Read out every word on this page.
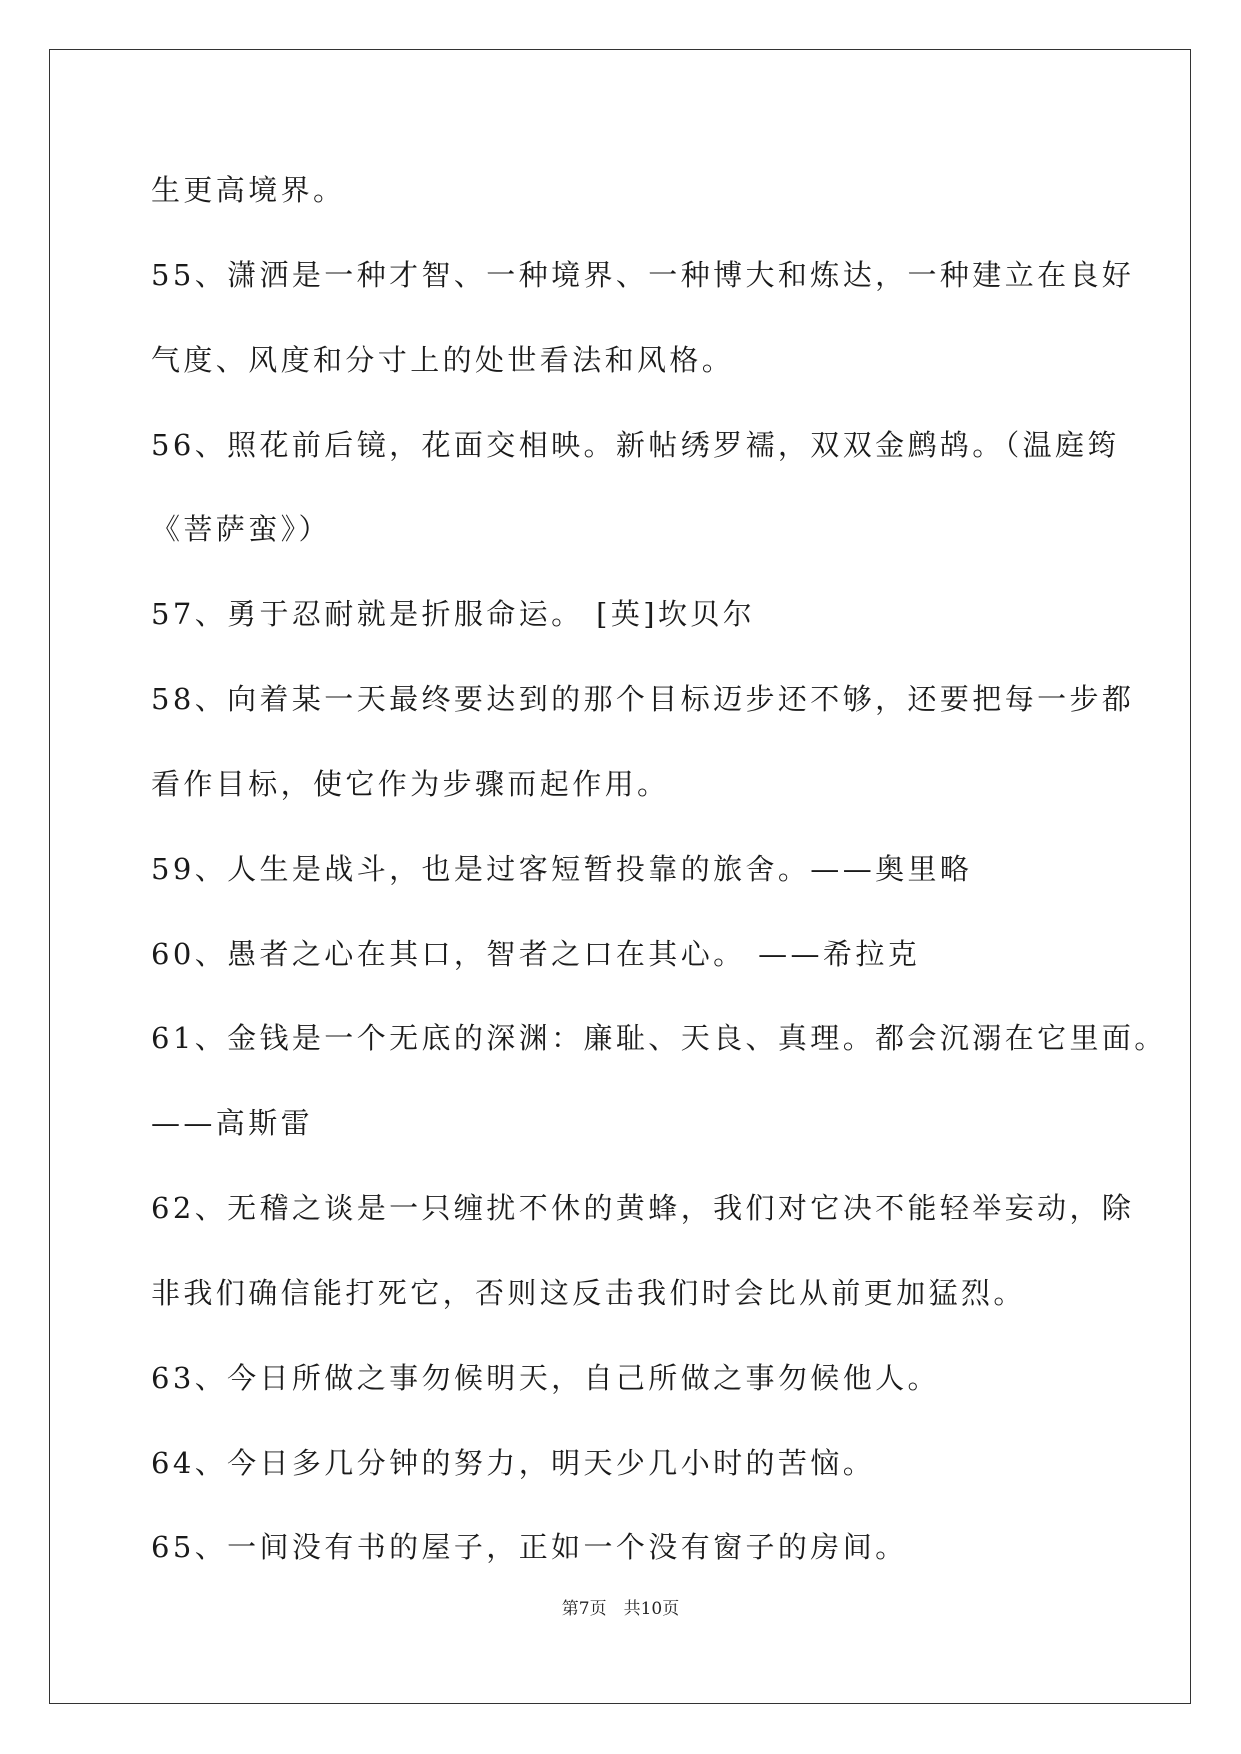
生更高境界。
55、潇洒是一种才智、一种境界、一种博大和炼达，一种建立在良好
气度、风度和分寸上的处世看法和风格。
56、照花前后镜，花面交相映。新帖绣罗襦，双双金鹧鸪。（温庭筠
《菩萨蛮》）
57、勇于忍耐就是折服命运。 [英]坎贝尔
58、向着某一天最终要达到的那个目标迈步还不够，还要把每一步都
看作目标，使它作为步骤而起作用。
59、人生是战斗，也是过客短暂投靠的旅舍。——奥里略
60、愚者之心在其口，智者之口在其心。 ——希拉克
61、金钱是一个无底的深渊：廉耻、天良、真理。都会沉溺在它里面。
——高斯雷
62、无稽之谈是一只缠扰不休的黄蜂，我们对它决不能轻举妄动，除
非我们确信能打死它，否则这反击我们时会比从前更加猛烈。
63、今日所做之事勿候明天，自己所做之事勿候他人。
64、今日多几分钟的努力，明天少几小时的苦恼。
65、一间没有书的屋子，正如一个没有窗子的房间。
第7页　共10页
